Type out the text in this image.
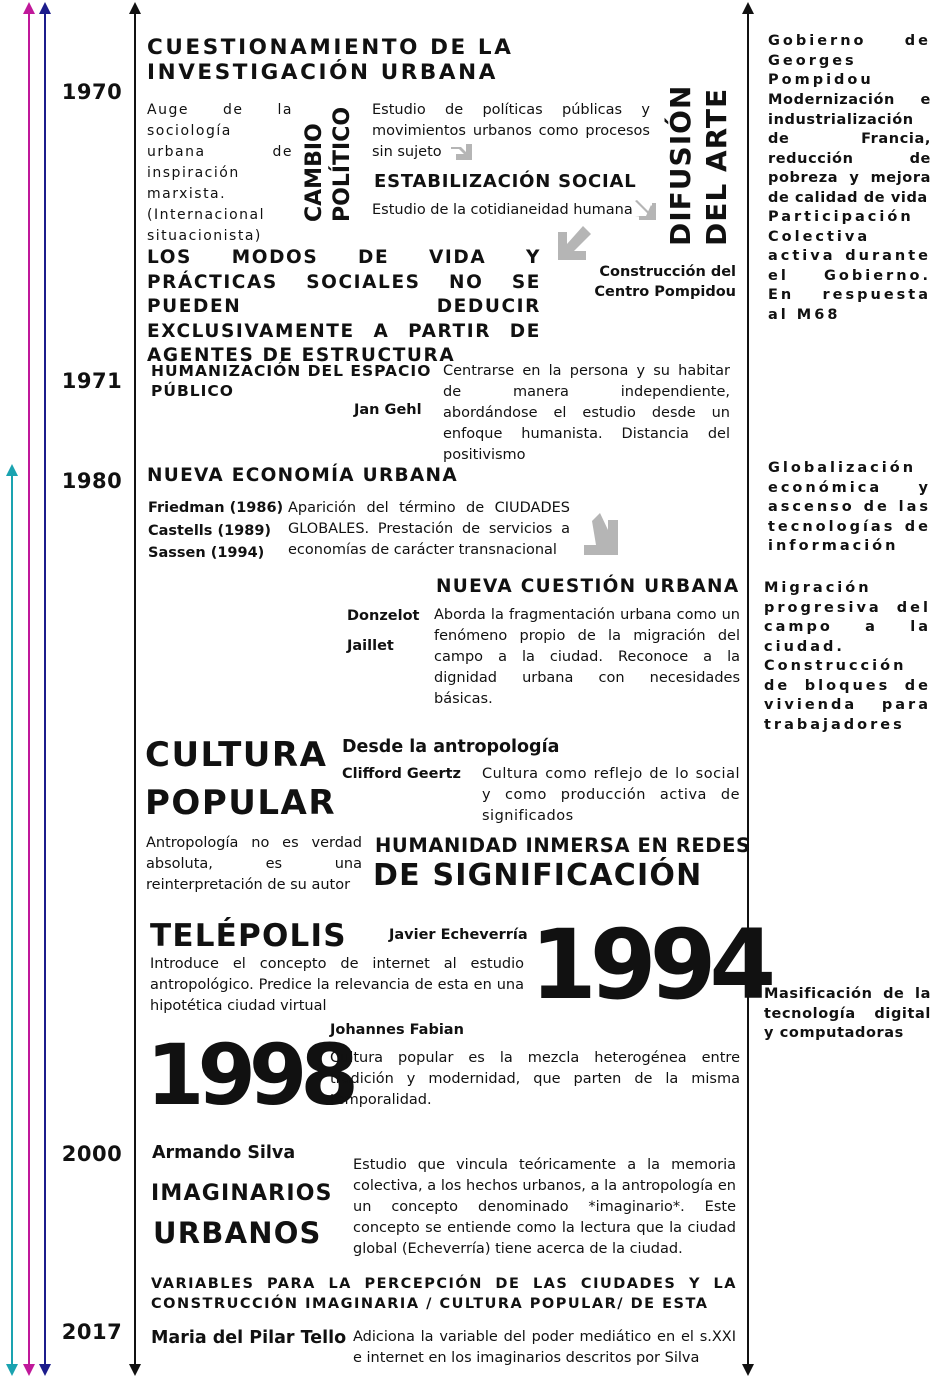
1970
1971
1980
2000
2017
CUESTIONAMIENTO DE LA INVESTIGACIÓN URBANA
Auge de la sociología urbana de inspiración marxista. (Internacional situacionista)
CAMBIO POLÍTICO Estudio de políticas públicas y movimientos urbanos como procesos sin sujeto
ESTABILIZACIÓN SOCIAL
Estudio de la cotidianeidad humana	DIFUSIÓN DEL ARTE
LOS MODOS DE VIDA Y PRÁCTICAS SOCIALES NO SE PUEDEN DEDUCIR EXCLUSIVAMENTE A PARTIR DE AGENTES DE ESTRUCTURA
Construcción del Centro Pompidou
HUMANIZACIÓN DEL ESPACIO PÚBLICO
Jan Gehl
Centrarse en la persona y su habitar de manera independiente, abordándose el estudio desde un enfoque humanista. Distancia del positivismo
NUEVA ECONOMÍA URBANA
Friedman (1986)
Castells (1989)
Sassen (1994)
Aparición del término de CIUDADES GLOBALES. Prestación de servicios a economías de carácter transnacional
NUEVA CUESTIÓN URBANA
Donzelot
Jaillet
Aborda la fragmentación urbana como un fenómeno propio de la migración del campo a la ciudad. Reconoce a la dignidad urbana con necesidades básicas.
CULTURA
POPULAR
Desde la antropología
Clifford Geertz Cultura como reflejo de lo social y como producción activa de significados
Antropología no es verdad absoluta, es una reinterpretación de su autor
HUMANIDAD INMERSA EN REDES
DE SIGNIFICACIÓN
TELÉPOLIS	Javier Echeverría
Introduce el concepto de internet al estudio antropológico. Predice la relevancia de esta en una hipotética ciudad virtual	1994
1998
Johannes Fabian
Cultura popular es la mezcla heterogénea entre tradición y modernidad, que parten de la misma temporalidad.
Armando Silva
IMAGINARIOS
URBANOS
Estudio que vincula teóricamente a la memoria colectiva, a los hechos urbanos, a la antropología en un concepto denominado *imaginario*. Este concepto se entiende como la lectura que la ciudad global (Echeverría) tiene acerca de la ciudad.
VARIABLES PARA LA PERCEPCIÓN DE LAS CIUDADES Y LA CONSTRUCCIÓN IMAGINARIA / CULTURA POPULAR/ DE ESTA
Maria del Pilar Tello Adiciona la variable del poder mediático en el s.XXI e internet en los imaginarios descritos por Silva
Gobierno de Georges Pompidou
Modernización e industrialización de Francia, reducción de pobreza y mejora de calidad de vida
Participación Colectiva activa durante el Gobierno. En respuesta al M68
Globalización económica y ascenso de las tecnologías de información
Migración progresiva del campo a la ciudad. Construcción de bloques de vivienda para trabajadores
Masificación de la tecnología digital y computadoras
